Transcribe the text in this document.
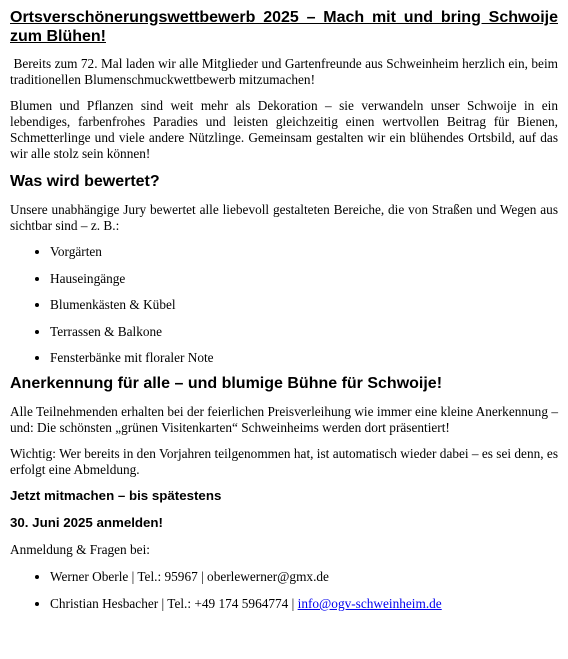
Ortsverschönerungswettbewerb 2025 – Mach mit und bring Schwoije zum Blühen!

Bereits zum 72. Mal laden wir alle Mitglieder und Gartenfreunde aus Schweinheim herzlich ein, beim traditionellen Blumenschmuckwettbewerb mitzumachen!

Blumen und Pflanzen sind weit mehr als Dekoration – sie verwandeln unser Schwoije in ein lebendiges, farbenfrohes Paradies und leisten gleichzeitig einen wertvollen Beitrag für Bienen, Schmetterlinge und viele andere Nützlinge. Gemeinsam gestalten wir ein blühendes Ortsbild, auf das wir alle stolz sein können!

Was wird bewertet?

Unsere unabhängige Jury bewertet alle liebevoll gestalteten Bereiche, die von Straßen und Wegen aus sichtbar sind – z. B.:

• Vorgärten
• Hauseingänge
• Blumenkästen & Kübel
• Terrassen & Balkone
• Fensterbänke mit floraler Note
Anerkennung für alle – und blumige Bühne für Schwoije!

Alle Teilnehmenden erhalten bei der feierlichen Preisverleihung wie immer eine kleine Anerkennung – und: Die schönsten „grünen Visitenkarten“ Schweinheims werden dort präsentiert!

Wichtig: Wer bereits in den Vorjahren teilgenommen hat, ist automatisch wieder dabei – es sei denn, es erfolgt eine Abmeldung.

Jetzt mitmachen – bis spätestens
30. Juni 2025 anmelden!

Anmeldung & Fragen bei:

• Werner Oberle | Tel.: 95967 | oberlewerner@gmx.de
• Christian Hesbacher | Tel.: +49 174 5964774 | info@ogv-schweinheim.de
